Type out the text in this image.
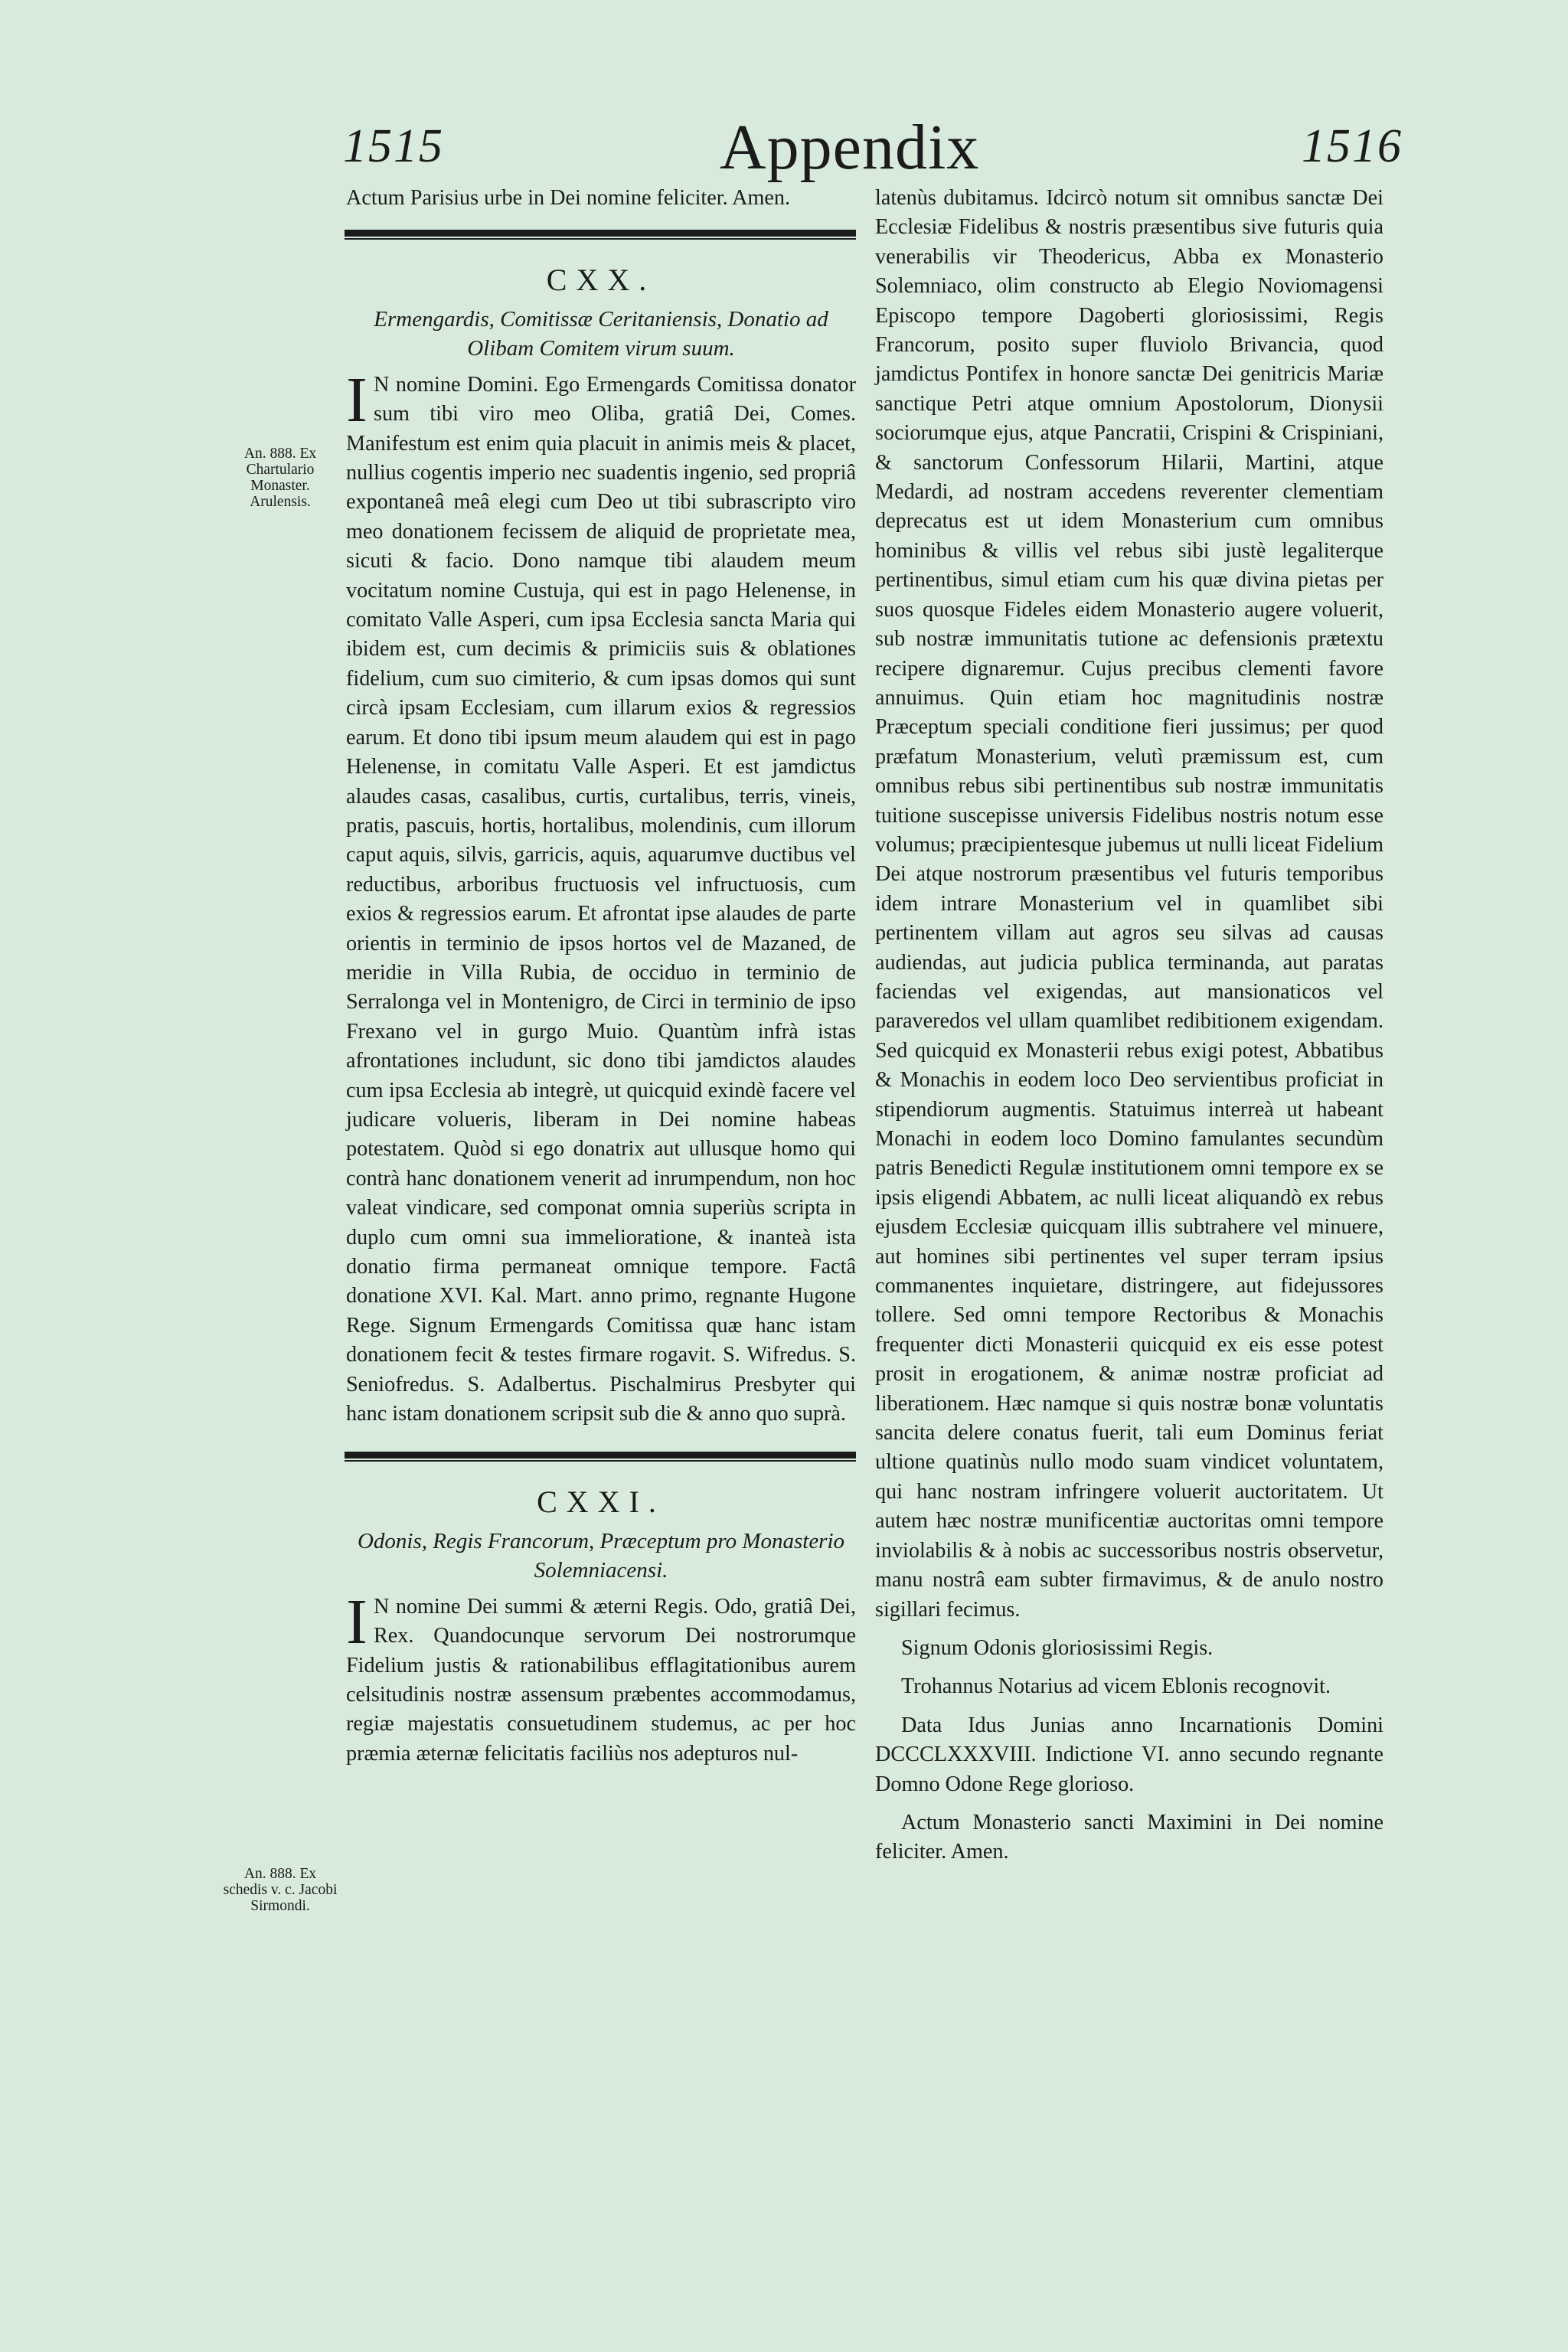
1515	Appendix	1516
An. 888. Ex Chartulario Monaster. Arulensis.
An. 888. Ex schedis v. c. Jacobi Sirmondi.

Actum Parisius urbe in Dei nomine feliciter. Amen.

CXX.
Ermengardis, Comitissæ Ceritaniensis, Donatio ad Olibam Comitem virum suum.

I N nomine Domini. Ego Ermengards Comitissa donator sum tibi viro meo Oliba, gratiâ Dei, Comes. Manifestum est enim quia placuit in animis meis & placet, nullius cogentis imperio nec suadentis ingenio, sed propriâ expontaneâ meâ elegi cum Deo ut tibi subrascripto viro meo donationem fecissem de aliquid de proprietate mea, sicuti & facio. Dono namque tibi alaudem meum vocitatum nomine Custuja, qui est in pago Helenense, in comitato Valle Asperi, cum ipsa Ecclesia sancta Maria qui ibidem est, cum decimis & primiciis suis & oblationes fidelium, cum suo cimiterio, & cum ipsas domos qui sunt circà ipsam Ecclesiam, cum illarum exios & regressios earum. Et dono tibi ipsum meum alaudem qui est in pago Helenense, in comitatu Valle Asperi. Et est jamdictus alaudes casas, casalibus, curtis, curtalibus, terris, vineis, pratis, pascuis, hortis, hortalibus, molendinis, cum illorum caput aquis, silvis, garricis, aquis, aquarumve ductibus vel reductibus, arboribus fructuosis vel infructuosis, cum exios & regressios earum. Et afrontat ipse alaudes de parte orientis in terminio de ipsos hortos vel de Mazaned, de meridie in Villa Rubia, de occiduo in terminio de Serralonga vel in Montenigro, de Circi in terminio de ipso Frexano vel in gurgo Muio. Quantùm infrà istas afrontationes includunt, sic dono tibi jamdictos alaudes cum ipsa Ecclesia ab integrè, ut quicquid exindè facere vel judicare volueris, liberam in Dei nomine habeas potestatem. Quòd si ego donatrix aut ullusque homo qui contrà hanc donationem venerit ad inrumpendum, non hoc valeat vindicare, sed componat omnia superiùs scripta in duplo cum omni sua immelioratione, & inanteà ista donatio firma permaneat omnique tempore. Factâ donatione XVI. Kal. Mart. anno primo, regnante Hugone Rege. Signum Ermengards Comitissa quæ hanc istam donationem fecit & testes firmare rogavit. S. Wifredus. S. Seniofredus. S. Adalbertus. Pischalmirus Presbyter qui hanc istam donationem scripsit sub die & anno quo suprà.

CXXI.
Odonis, Regis Francorum, Præceptum pro Monasterio Solemniacensi.

I N nomine Dei summi & æterni Regis. Odo, gratiâ Dei, Rex. Quandocunque servorum Dei nostrorumque Fidelium justis & rationabilibus efflagitationibus aurem celsitudinis nostræ assensum præbentes accommodamus, regiæ majestatis consuetudinem studemus, ac per hoc præmia æternæ felicitatis faciliùs nos adepturos nul-

latenùs dubitamus. Idcircò notum sit omnibus sanctæ Dei Ecclesiæ Fidelibus & nostris præsentibus sive futuris quia venerabilis vir Theodericus, Abba ex Monasterio Solemniaco, olim constructo ab Elegio Noviomagensi Episcopo tempore Dagoberti gloriosissimi, Regis Francorum, posito super fluviolo Brivancia, quod jamdictus Pontifex in honore sanctæ Dei genitricis Mariæ sanctique Petri atque omnium Apostolorum, Dionysii sociorumque ejus, atque Pancratii, Crispini & Crispiniani, & sanctorum Confessorum Hilarii, Martini, atque Medardi, ad nostram accedens reverenter clementiam deprecatus est ut idem Monasterium cum omnibus hominibus & villis vel rebus sibi justè legaliterque pertinentibus, simul etiam cum his quæ divina pietas per suos quosque Fideles eidem Monasterio augere voluerit, sub nostræ immunitatis tutione ac defensionis prætextu recipere dignaremur. Cujus precibus clementi favore annuimus. Quin etiam hoc magnitudinis nostræ Præceptum speciali conditione fieri jussimus; per quod præfatum Monasterium, velutì præmissum est, cum omnibus rebus sibi pertinentibus sub nostræ immunitatis tuitione suscepisse universis Fidelibus nostris notum esse volumus; præcipientesque jubemus ut nulli liceat Fidelium Dei atque nostrorum præsentibus vel futuris temporibus idem intrare Monasterium vel in quamlibet sibi pertinentem villam aut agros seu silvas ad causas audiendas, aut judicia publica terminanda, aut paratas faciendas vel exigendas, aut mansionaticos vel paraveredos vel ullam quamlibet redibitionem exigendam. Sed quicquid ex Monasterii rebus exigi potest, Abbatibus & Monachis in eodem loco Deo servientibus proficiat in stipendiorum augmentis. Statuimus interreà ut habeant Monachi in eodem loco Domino famulantes secundùm patris Benedicti Regulæ institutionem omni tempore ex se ipsis eligendi Abbatem, ac nulli liceat aliquandò ex rebus ejusdem Ecclesiæ quicquam illis subtrahere vel minuere, aut homines sibi pertinentes vel super terram ipsius commanentes inquietare, distringere, aut fidejussores tollere. Sed omni tempore Rectoribus & Monachis frequenter dicti Monasterii quicquid ex eis esse potest prosit in erogationem, & animæ nostræ proficiat ad liberationem. Hæc namque si quis nostræ bonæ voluntatis sancita delere conatus fuerit, tali eum Dominus feriat ultione quatinùs nullo modo suam vindicet voluntatem, qui hanc nostram infringere voluerit auctoritatem. Ut autem hæc nostræ munificentiæ auctoritas omni tempore inviolabilis & à nobis ac successoribus nostris observetur, manu nostrâ eam subter firmavimus, & de anulo nostro sigillari fecimus.

Signum Odonis gloriosissimi Regis.

Trohannus Notarius ad vicem Eblonis recognovit.

Data Idus Junias anno Incarnationis Domini DCCCLXXXVIII. Indictione VI. anno secundo regnante Domno Odone Rege glorioso.

Actum Monasterio sancti Maximini in Dei nomine feliciter. Amen.
